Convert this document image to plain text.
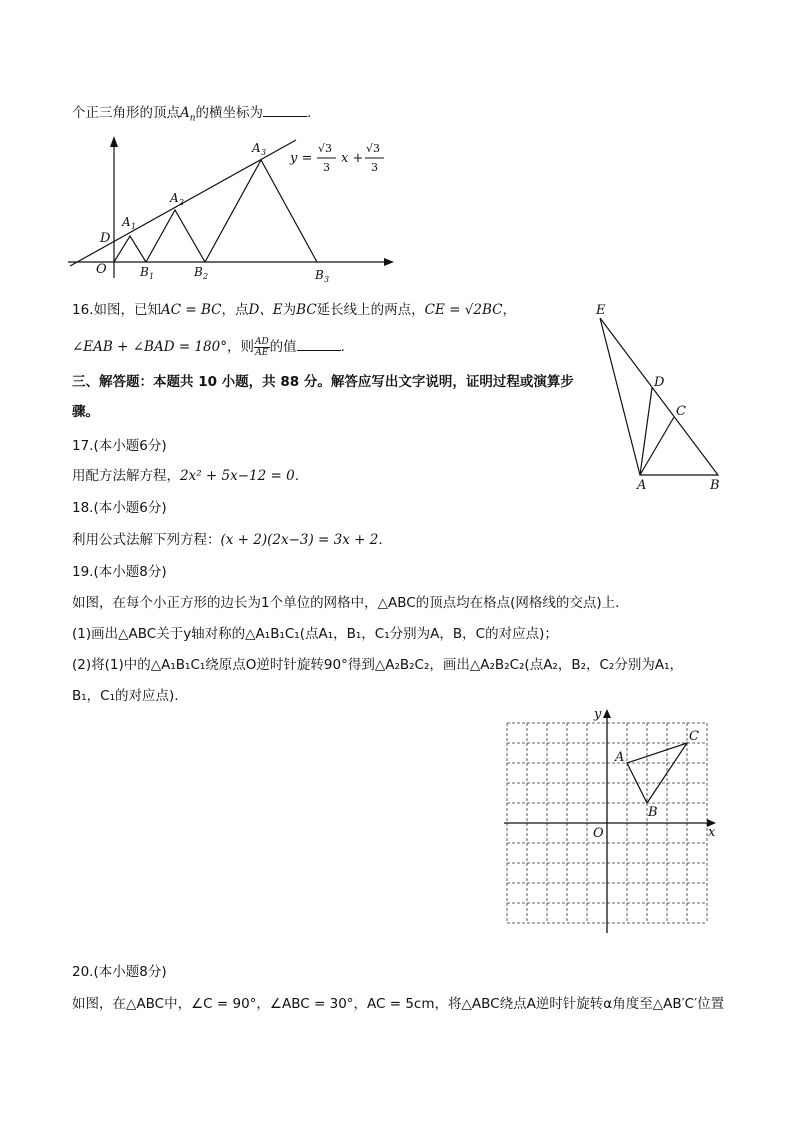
个正三角形的顶点$A_n$的横坐标为	.
D
O
A 1
A 2
A 3
B 1	B 2	B 3
y =
√3
3
x +
√3
3
16.如图，已知AC = BC，点D、E为BC延长线上的两点，CE = √2BC，
∠EAB + ∠BAD = 180°，则 $\frac{AD}{AE}$ 的值	.
E
D
C
A	B
三、解答题：本题共 10 小题，共 88 分。解答应写出文字说明，证明过程或演算步
骤。
17.(本小题6分)
用配方法解方程，2x² + 5x−12 = 0.
18.(本小题6分)
利用公式法解下列方程：(x + 2)(2x−3) = 3x + 2.
19.(本小题8分)
如图，在每个小正方形的边长为1个单位的网格中，△ABC的顶点均在格点(网格线的交点)上．
(1)画出△ABC关于y轴对称的△A₁B₁C₁(点A₁，B₁，C₁分别为A，B，C的对应点)；
(2)将(1)中的△A₁B₁C₁绕原点O逆时针旋转90°得到△A₂B₂C₂，画出△A₂B₂C₂(点A₂，B₂，C₂分别为A₁，
B₁，C₁的对应点).
y
x
O
A
B
C
20.(本小题8分)
如图，在△ABC中，∠C = 90°，∠ABC = 30°，AC = 5cm，将△ABC绕点A逆时针旋转α角度至△AB′C′位置
